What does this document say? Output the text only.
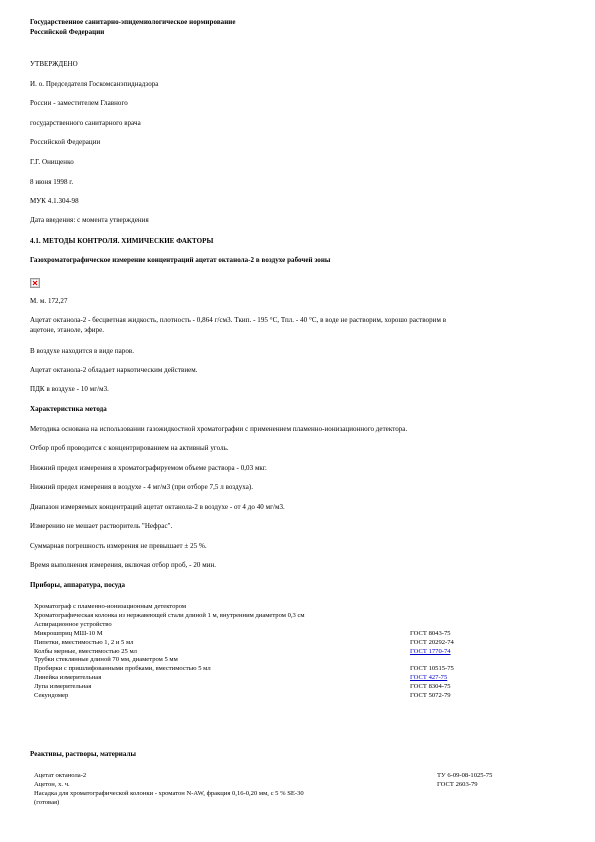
Государственное санитарно-эпидемиологическое нормирование
Российской Федерации
УТВЕРЖДЕНО
И. о. Председателя Госкомсанэпиднадзора
России - заместителем Главного
государственного санитарного врача
Российской Федерации
Г.Г. Онищенко
8 июня 1998 г.
МУК 4.1.304-98
Дата введения: с момента утверждения
4.1. МЕТОДЫ КОНТРОЛЯ. ХИМИЧЕСКИЕ ФАКТОРЫ
Газохроматографическое измерение концентраций ацетат октанола-2 в воздухе рабочей зоны
М. м. 172,27
Ацетат октанола-2 - бесцветная жидкость, плотность - 0,864 г/см3. Ткип. - 195 °С, Тпл. - 40 °С, в воде не растворим, хорошо растворим в
ацетоне, этаноле, эфире.
В воздухе находится в виде паров.
Ацетат октанола-2 обладает наркотическим действием.
ПДК в воздухе - 10 мг/м3.
Характеристика метода
Методика основана на использовании газожидкостной хроматографии с применением пламенно-ионизационного детектора.
Отбор проб проводится с концентрированием на активный уголь.
Нижний предел измерения в хроматографируемом объеме раствора - 0,03 мкг.
Нижний предел измерения в воздухе - 4 мг/м3 (при отборе 7,5 л воздуха).
Диапазон измеряемых концентраций ацетат октанола-2 в воздухе - от 4 до 40 мг/м3.
Измерению не мешает растворитель "Нефрас".
Суммарная погрешность измерения не превышает ± 25 %.
Время выполнения измерения, включая отбор проб, - 20 мин.
Приборы, аппаратура, посуда
Хроматограф с пламенно-ионизационным детектором	
Хроматографическая колонка из нержавеющей стали длиной 1 м, внутренним диаметром 0,3 см	
Аспирационное устройство	
Микрошприц МШ-10 М	ГОСТ 8043-75
Пипетки, вместимостью 1, 2 и 5 мл	ГОСТ 20292-74
Колбы мерные, вместимостью 25 мл	ГОСТ 1770-74
Трубки стеклянные длиной 70 мм, диаметром 5 мм	
Пробирки с пришлифованными пробками, вместимостью 5 мл	ГОСТ 10515-75
Линейка измерительная	ГОСТ 427-75
Лупа измерительная	ГОСТ 8304-75
Секундомер	ГОСТ 5072-79
Реактивы, растворы, материалы
Ацетат октанола-2	ТУ 6-09-08-1025-75
Ацетон, х. ч.	ГОСТ 2603-79
Насадка для хроматографической колонки - хроматон N-AW, фракция 0,16-0,20 мм, с 5 % SE-30	
(готовая)	
